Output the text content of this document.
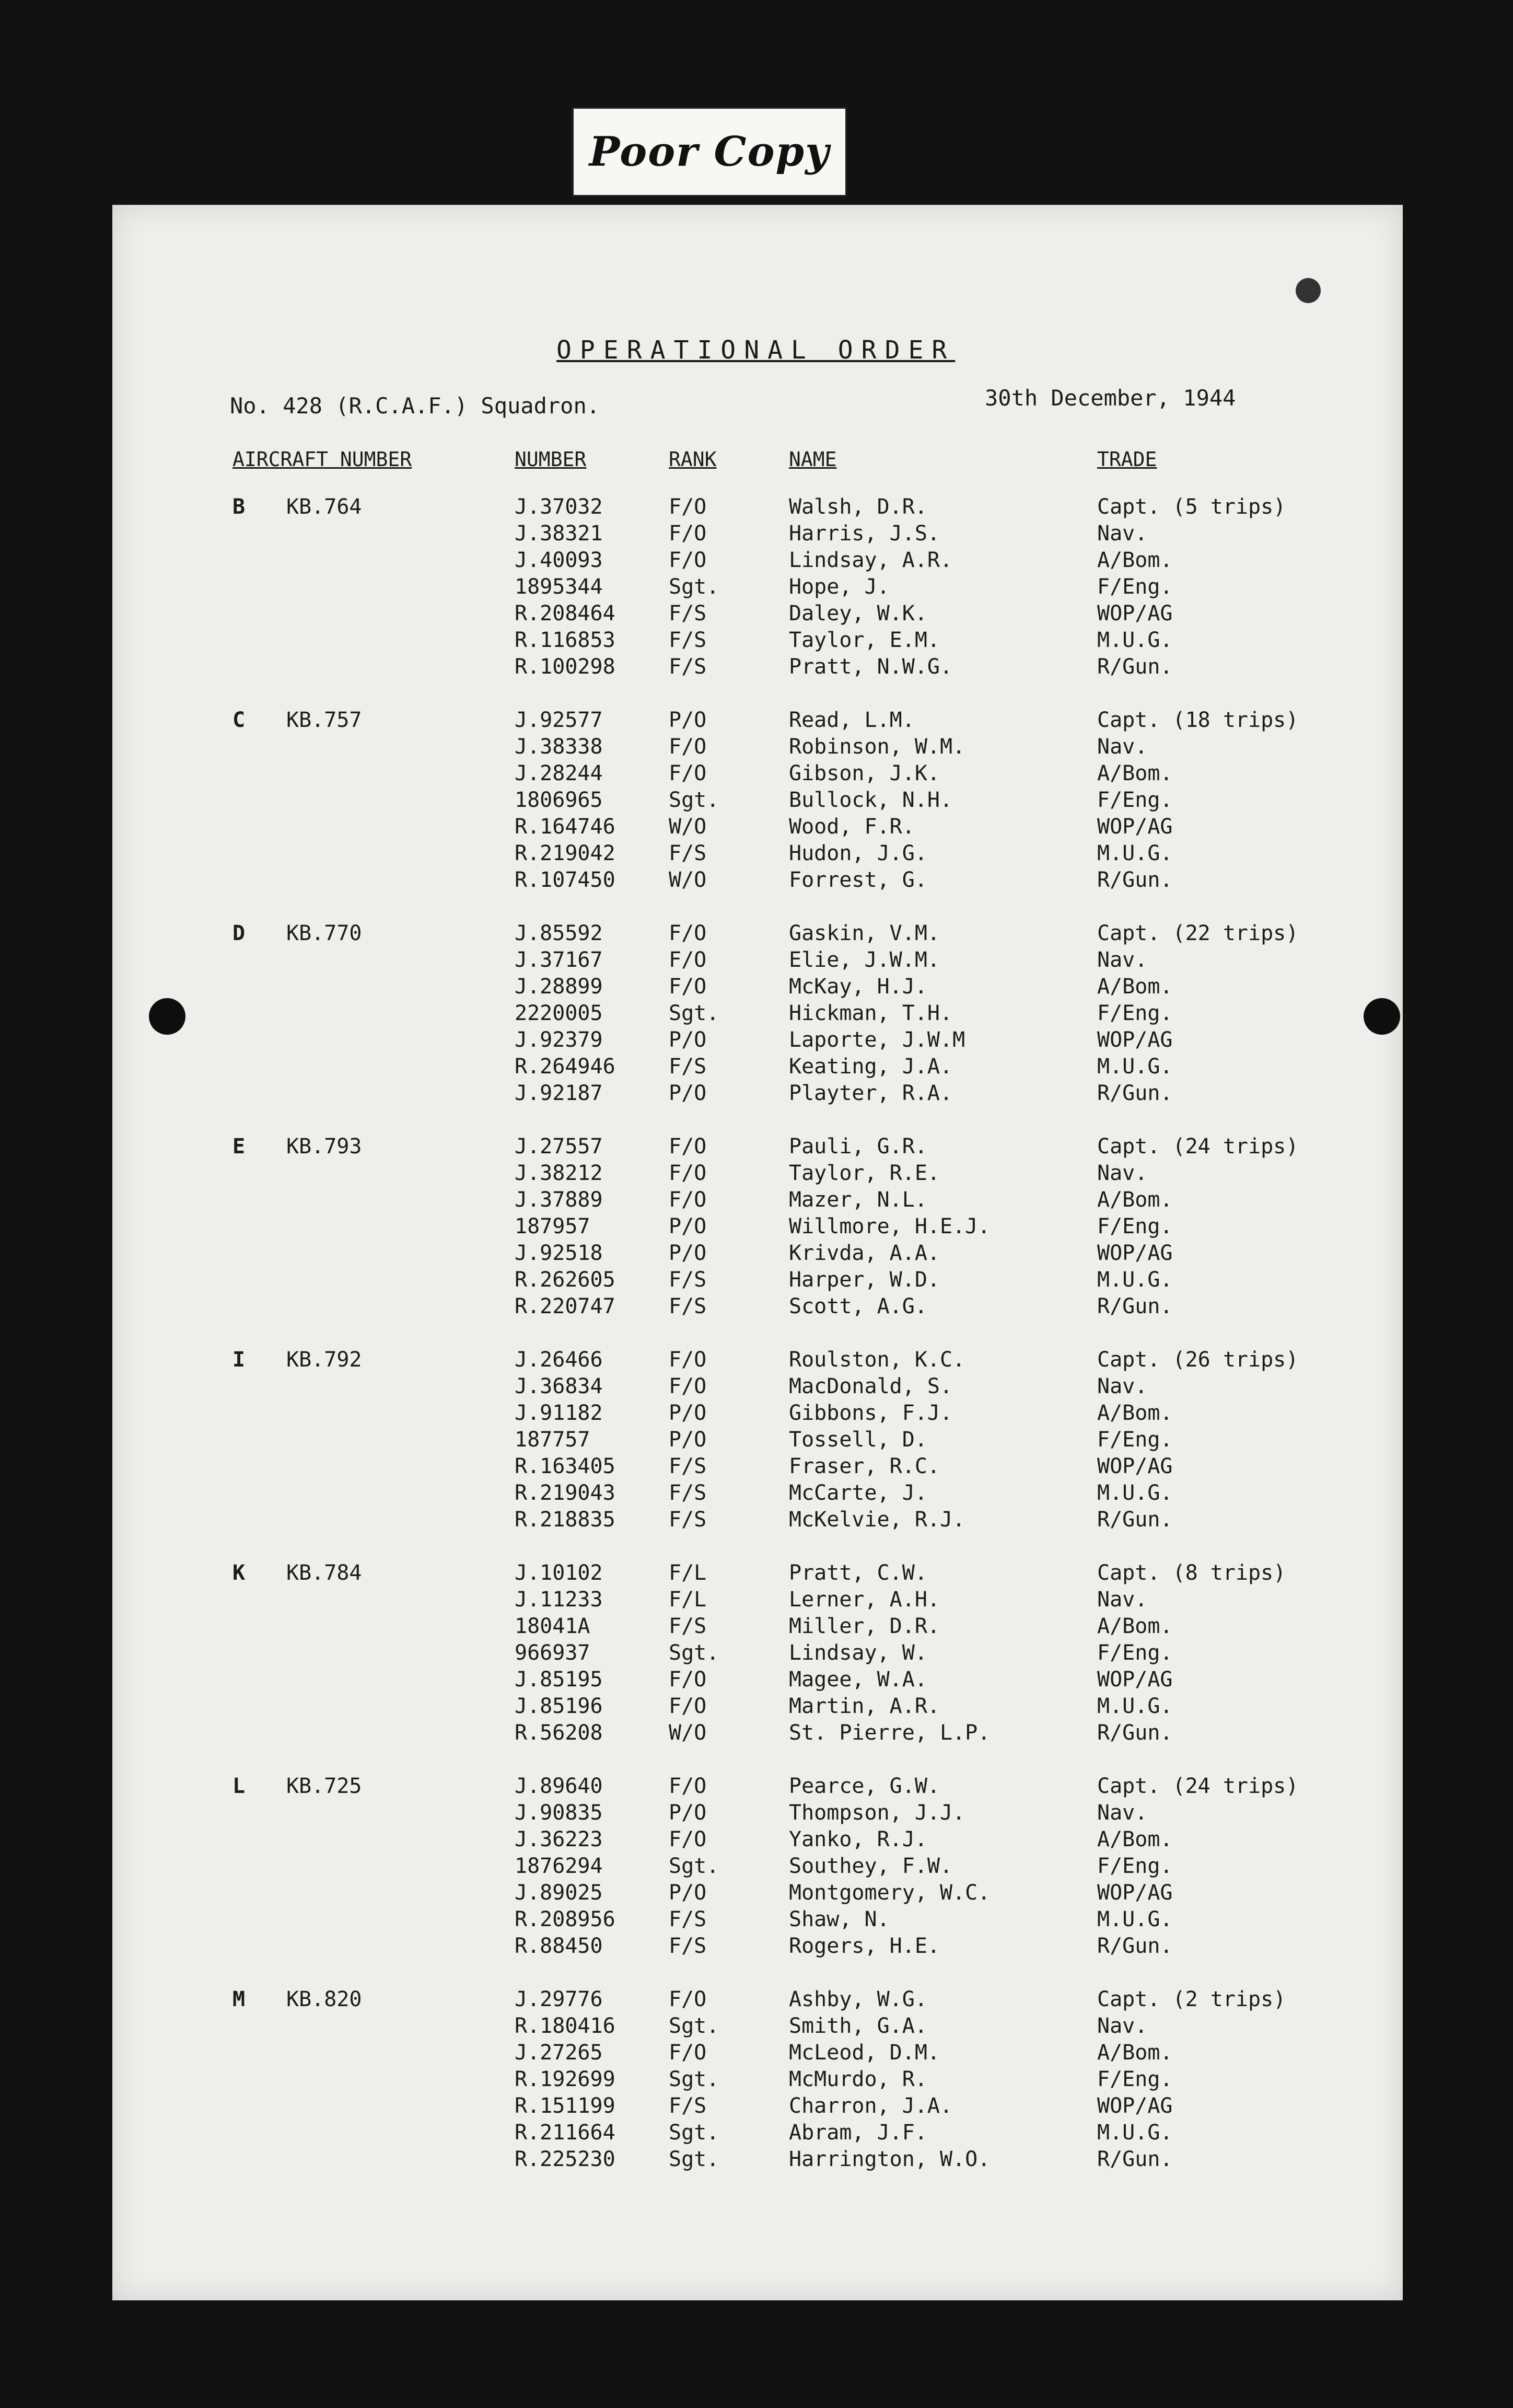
Poor Copy
OPERATIONAL ORDER
No. 428 (R.C.A.F.) Squadron.	30th December, 1944
AIRCRAFT NUMBER	NUMBER	RANK	NAME	TRADE
B KB.764	J.37032	F/O	Walsh, D.R.	Capt. (5 trips)
J.38321	F/O	Harris, J.S.	Nav.
J.40093	F/O	Lindsay, A.R.	A/Bom.
1895344	Sgt.	Hope, J.	F/Eng.
R.208464	F/S	Daley, W.K.	WOP/AG
R.116853	F/S	Taylor, E.M.	M.U.G.
R.100298	F/S	Pratt, N.W.G.	R/Gun.
C KB.757	J.92577	P/O	Read, L.M.	Capt. (18 trips)
J.38338	F/O	Robinson, W.M.	Nav.
J.28244	F/O	Gibson, J.K.	A/Bom.
1806965	Sgt.	Bullock, N.H.	F/Eng.
R.164746	W/O	Wood, F.R.	WOP/AG
R.219042	F/S	Hudon, J.G.	M.U.G.
R.107450	W/O	Forrest, G.	R/Gun.
D KB.770	J.85592	F/O	Gaskin, V.M.	Capt. (22 trips)
J.37167	F/O	Elie, J.W.M.	Nav.
J.28899	F/O	McKay, H.J.	A/Bom.
2220005	Sgt.	Hickman, T.H.	F/Eng.
J.92379	P/O	Laporte, J.W.M	WOP/AG
R.264946	F/S	Keating, J.A.	M.U.G.
J.92187	P/O	Playter, R.A.	R/Gun.
E KB.793	J.27557	F/O	Pauli, G.R.	Capt. (24 trips)
J.38212	F/O	Taylor, R.E.	Nav.
J.37889	F/O	Mazer, N.L.	A/Bom.
187957	P/O	Willmore, H.E.J.	F/Eng.
J.92518	P/O	Krivda, A.A.	WOP/AG
R.262605	F/S	Harper, W.D.	M.U.G.
R.220747	F/S	Scott, A.G.	R/Gun.
I KB.792	J.26466	F/O	Roulston, K.C.	Capt. (26 trips)
J.36834	F/O	MacDonald, S.	Nav.
J.91182	P/O	Gibbons, F.J.	A/Bom.
187757	P/O	Tossell, D.	F/Eng.
R.163405	F/S	Fraser, R.C.	WOP/AG
R.219043	F/S	McCarte, J.	M.U.G.
R.218835	F/S	McKelvie, R.J.	R/Gun.
K KB.784	J.10102	F/L	Pratt, C.W.	Capt. (8 trips)
J.11233	F/L	Lerner, A.H.	Nav.
18041A	F/S	Miller, D.R.	A/Bom.
966937	Sgt.	Lindsay, W.	F/Eng.
J.85195	F/O	Magee, W.A.	WOP/AG
J.85196	F/O	Martin, A.R.	M.U.G.
R.56208	W/O	St. Pierre, L.P.	R/Gun.
L KB.725	J.89640	F/O	Pearce, G.W.	Capt. (24 trips)
J.90835	P/O	Thompson, J.J.	Nav.
J.36223	F/O	Yanko, R.J.	A/Bom.
1876294	Sgt.	Southey, F.W.	F/Eng.
J.89025	P/O	Montgomery, W.C.	WOP/AG
R.208956	F/S	Shaw, N.	M.U.G.
R.88450	F/S	Rogers, H.E.	R/Gun.
M KB.820	J.29776	F/O	Ashby, W.G.	Capt. (2 trips)
R.180416	Sgt.	Smith, G.A.	Nav.
J.27265	F/O	McLeod, D.M.	A/Bom.
R.192699	Sgt.	McMurdo, R.	F/Eng.
R.151199	F/S	Charron, J.A.	WOP/AG
R.211664	Sgt.	Abram, J.F.	M.U.G.
R.225230	Sgt.	Harrington, W.O.	R/Gun.
